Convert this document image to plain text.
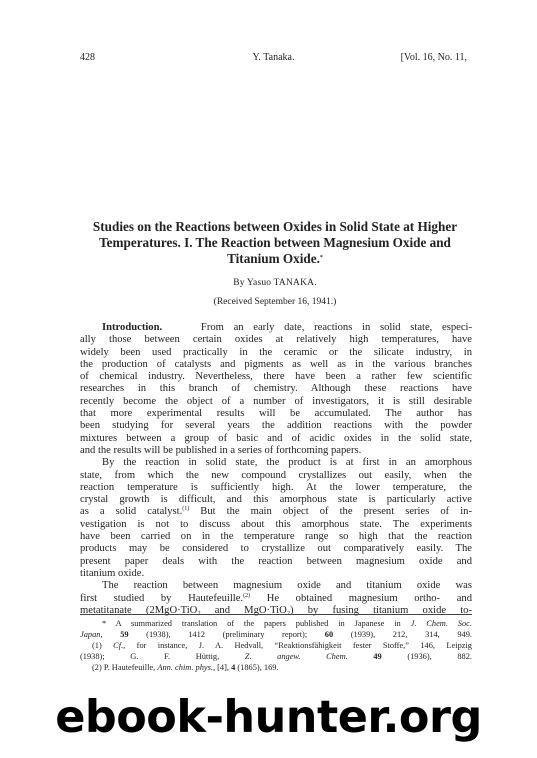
428	Y. Tanaka.	[Vol. 16, No. 11,
Studies on the Reactions between Oxides in Solid State at Higher
Temperatures. I. The Reaction between Magnesium Oxide and
Titanium Oxide.*
By Yasuo TANAKA.
(Received September 16, 1941.)
Introduction.	From an early date, reactions in solid state, especi-
ally those between certain oxides at relatively high temperatures, have
widely been used practically in the ceramic or the silicate industry, in
the production of catalysts and pigments as well as in the various branches
of chemical industry. Nevertheless, there have been a rather few scientific
researches in this branch of chemistry. Although these reactions have
recently become the object of a number of investigators, it is still desirable
that more experimental results will be accumulated. The author has
been studying for several years the addition reactions with the powder
mixtures between a group of basic and of acidic oxides in the solid state,
and the results will be published in a series of forthcoming papers.
By the reaction in solid state, the product is at first in an amorphous
state, from which the new compound crystallizes out easily, when the
reaction temperature is sufficiently high. At the lower temperature, the
crystal growth is difficult, and this amorphous state is particularly active
as a solid catalyst.$^{(1)}$ But the main object of the present series of in-
vestigation is not to discuss about this amorphous state. The experiments
have been carried on in the temperature range so high that the reaction
products may be considered to crystallize out comparatively easily. The
present paper deals with the reaction between magnesium oxide and
titanium oxide.
The reaction between magnesium oxide and titanium oxide was
first studied by Hautefeuille.$^{(2)}$ He obtained magnesium ortho- and
metatitanate (2MgO·TiO$_2$ and MgO·TiO$_2$) by fusing titanium oxide to-
* A summarized translation of the papers published in Japanese in J. Chem. Soc.
Japan, 59 (1938), 1412 (preliminary report); 60 (1939), 212, 314, 949.
(1) Cf., for instance, J. A. Hedvall, “Reaktionsfähigkeit fester Stoffe,” 146, Leipzig
(1938); G. F. Hüttig, Z. angew. Chem.	49 (1936), 882.
(2) P. Hautefeuille, Ann. chim. phys., [4], 4 (1865), 169.
ebook-hunter.org
